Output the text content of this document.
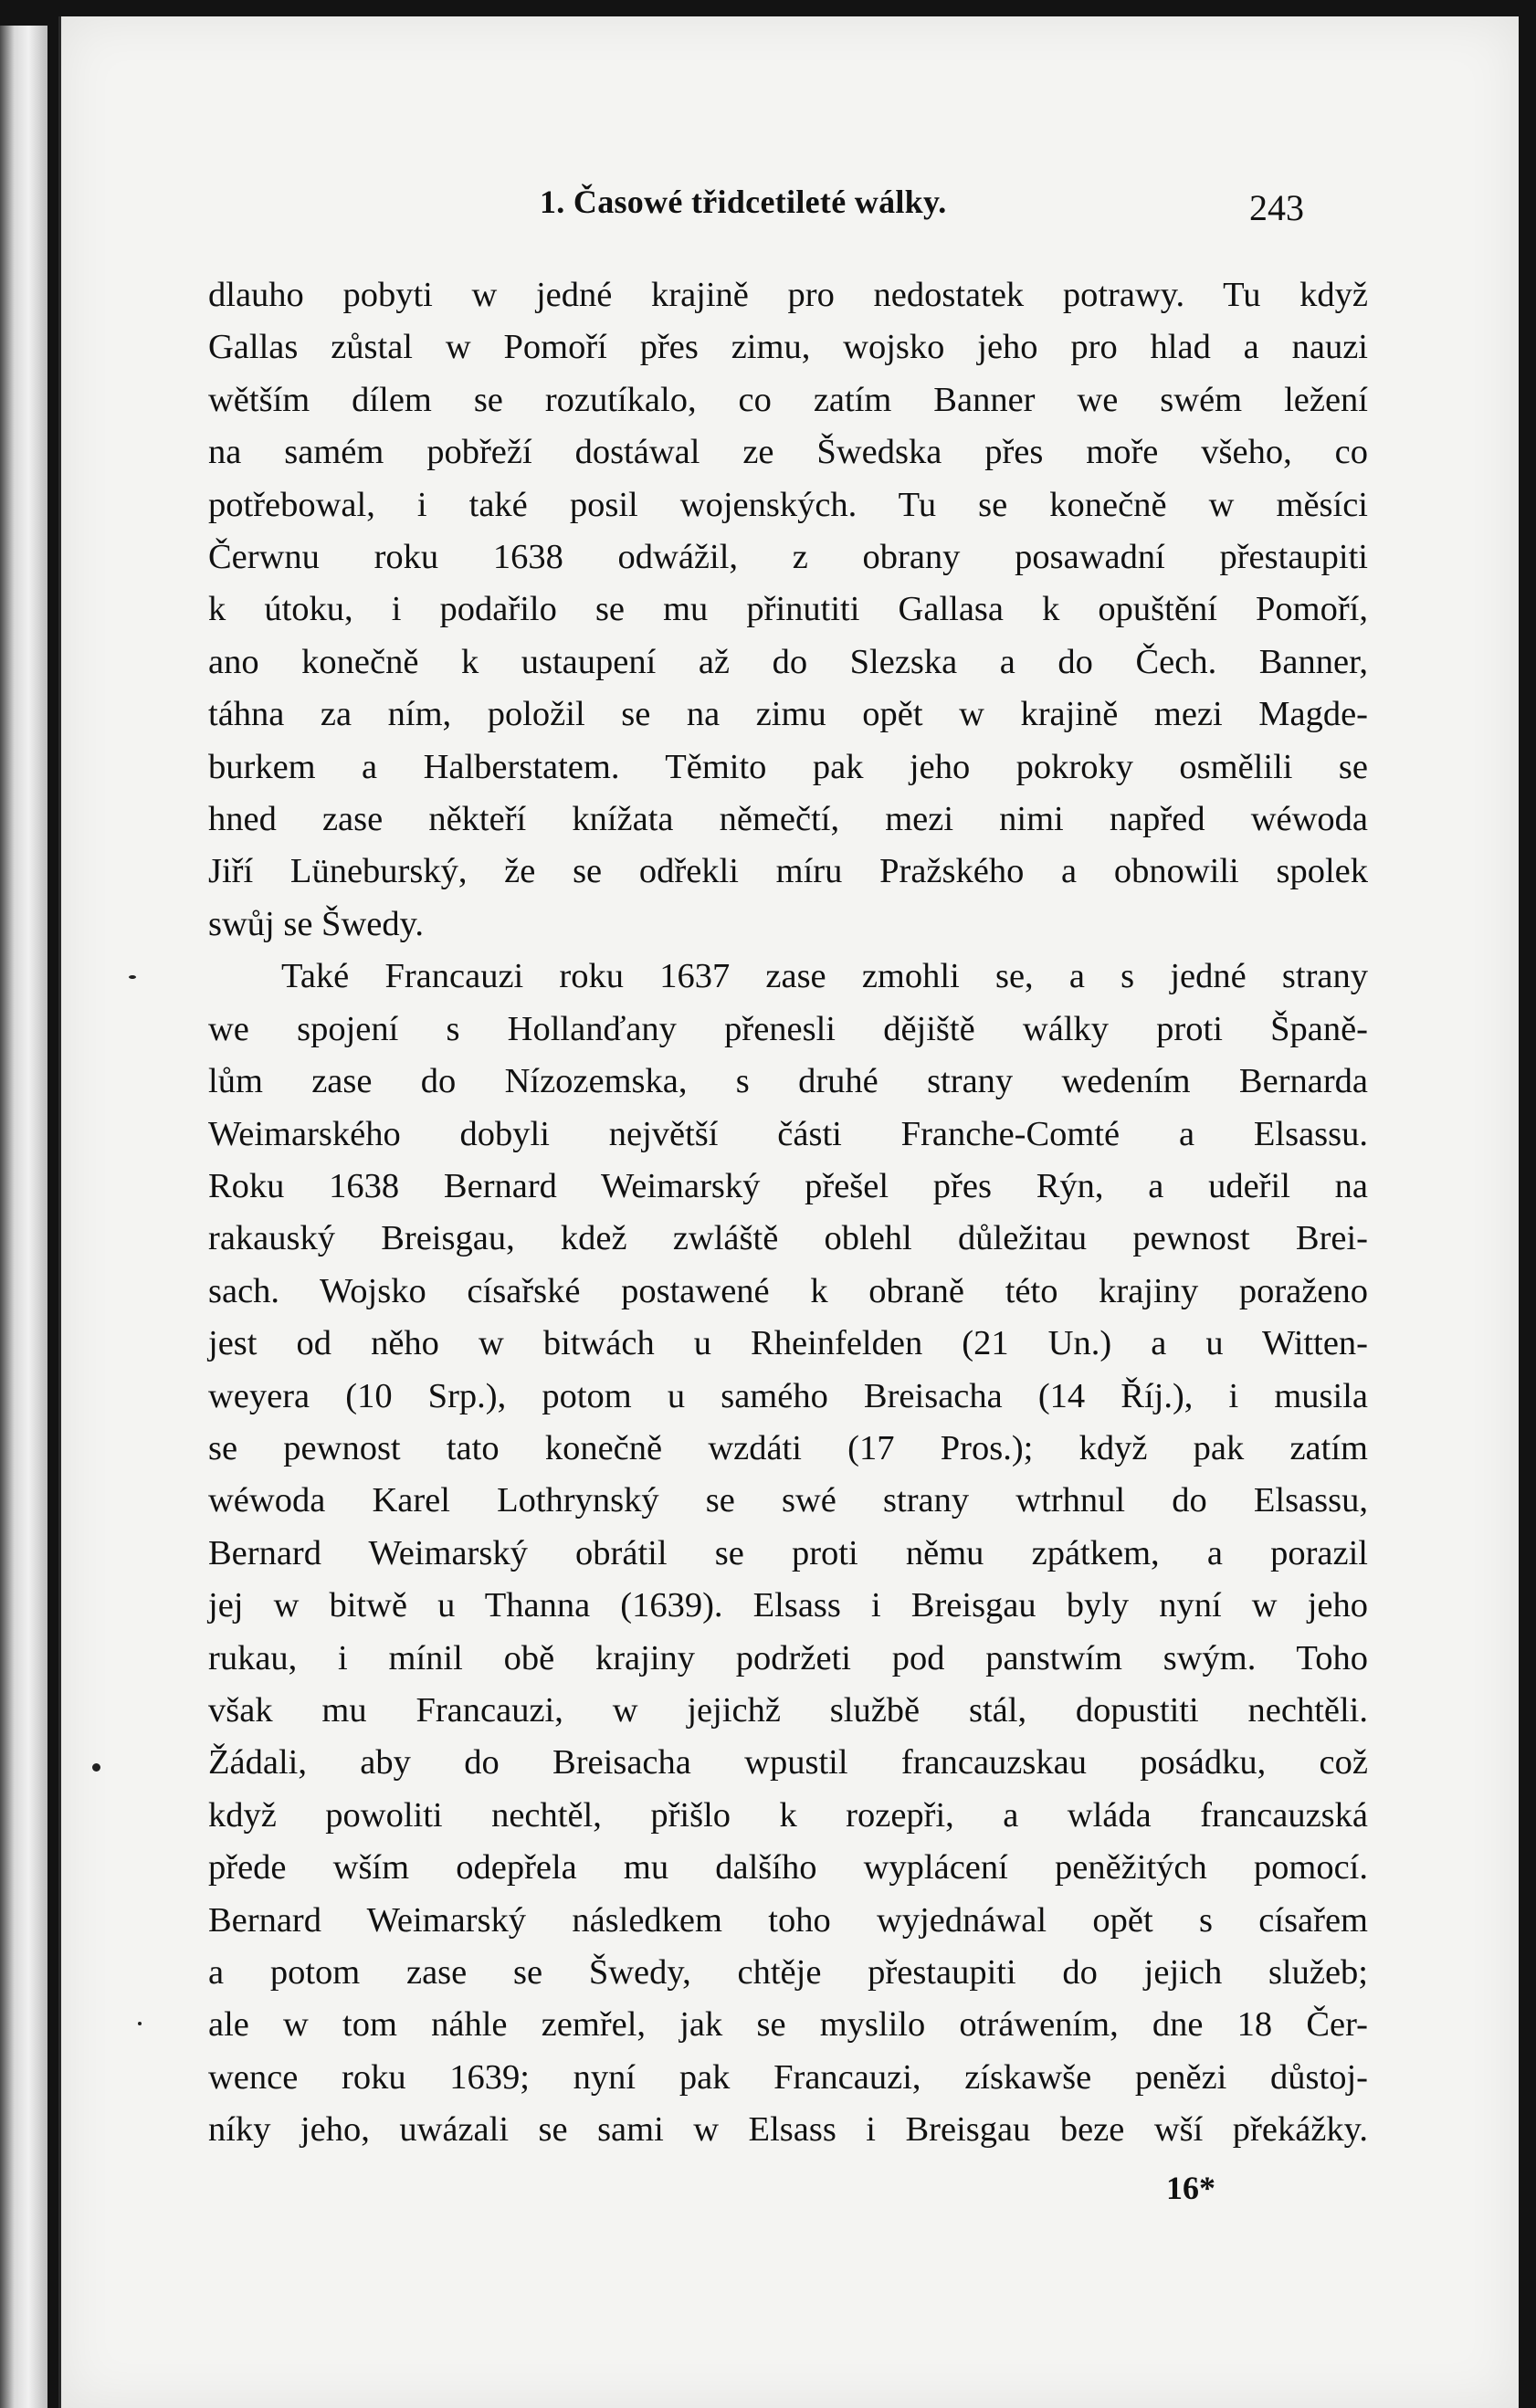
1. Časowé třidcetileté wálky.	243

dlauho pobyti w jedné krajině pro nedostatek potrawy. Tu když
Gallas zůstal w Pomoří přes zimu, wojsko jeho pro hlad a nauzi
wětším dílem se rozutíkalo, co zatím Banner we swém ležení
na samém pobřeží dostáwal ze Šwedska přes moře všeho, co
potřebowal, i také posil wojenských. Tu se konečně w měsíci
Čerwnu roku 1638 odwážil, z obrany posawadní přestaupiti
k útoku, i podařilo se mu přinutiti Gallasa k opuštění Pomoří,
ano konečně k ustaupení až do Slezska a do Čech. Banner,
táhna za ním, položil se na zimu opět w krajině mezi Magde-
burkem a Halberstatem. Těmito pak jeho pokroky osmělili se
hned zase někteří knížata němečtí, mezi nimi napřed wéwoda
Jiří Lüneburský, že se odřekli míru Pražského a obnowili spolek
swůj se Šwedy.

Také Francauzi roku 1637 zase zmohli se, a s jedné strany
we spojení s Hollanďany přenesli děјiště wálky proti Španě-
lům zase do Nízozemska, s druhé strany wedením Bernarda
Weimarského dobyli největší části Franche-Comté a Elsassu.
Roku 1638 Bernard Weimarský přešel přes Rýn, a udeřil na
rakauský Breisgau, kdež zwláště oblehl důležitau pewnost Brei-
sach. Wojsko císařské postawené k obraně této krajiny poraženo
jest od něho w bitwách u Rheinfelden (21 Un.) a u Witten-
weyera (10 Srp.), potom u samého Breisacha (14 Říj.), i musila
se pewnost tato konečně wzdáti (17 Pros.); když pak zatím
wéwoda Karel Lothrynský se swé strany wtrhnul do Elsassu,
Bernard Weimarský obrátil se proti němu zpátkem, a porazil
jej w bitwě u Thanna (1639). Elsass i Breisgau byly nyní w jeho
rukau, i mínil obě krajiny podržeti pod panstwím swým. Toho
však mu Francauzi, w jejichž službě stál, dopustiti nechtěli.
Žádali, aby do Breisacha wpustil francauzskau posádku, což
když powoliti nechtěl, přišlo k rozepři, a wláda francauzská
přede wším odepřela mu dalšího wyplácení peněžitých pomocí.
Bernard Weimarský následkem toho wyjednáwal opět s císařem
a potom zase se Šwedy, chtěje přestaupiti do jejich služeb;
ale w tom náhle zemřel, jak se myslilo otráwením, dne 18 Čer-
wence roku 1639; nyní pak Francauzi, získawše penězi důstoj-
níky jeho, uwázali se sami w Elsass i Breisgau beze wší překážky.

16*
